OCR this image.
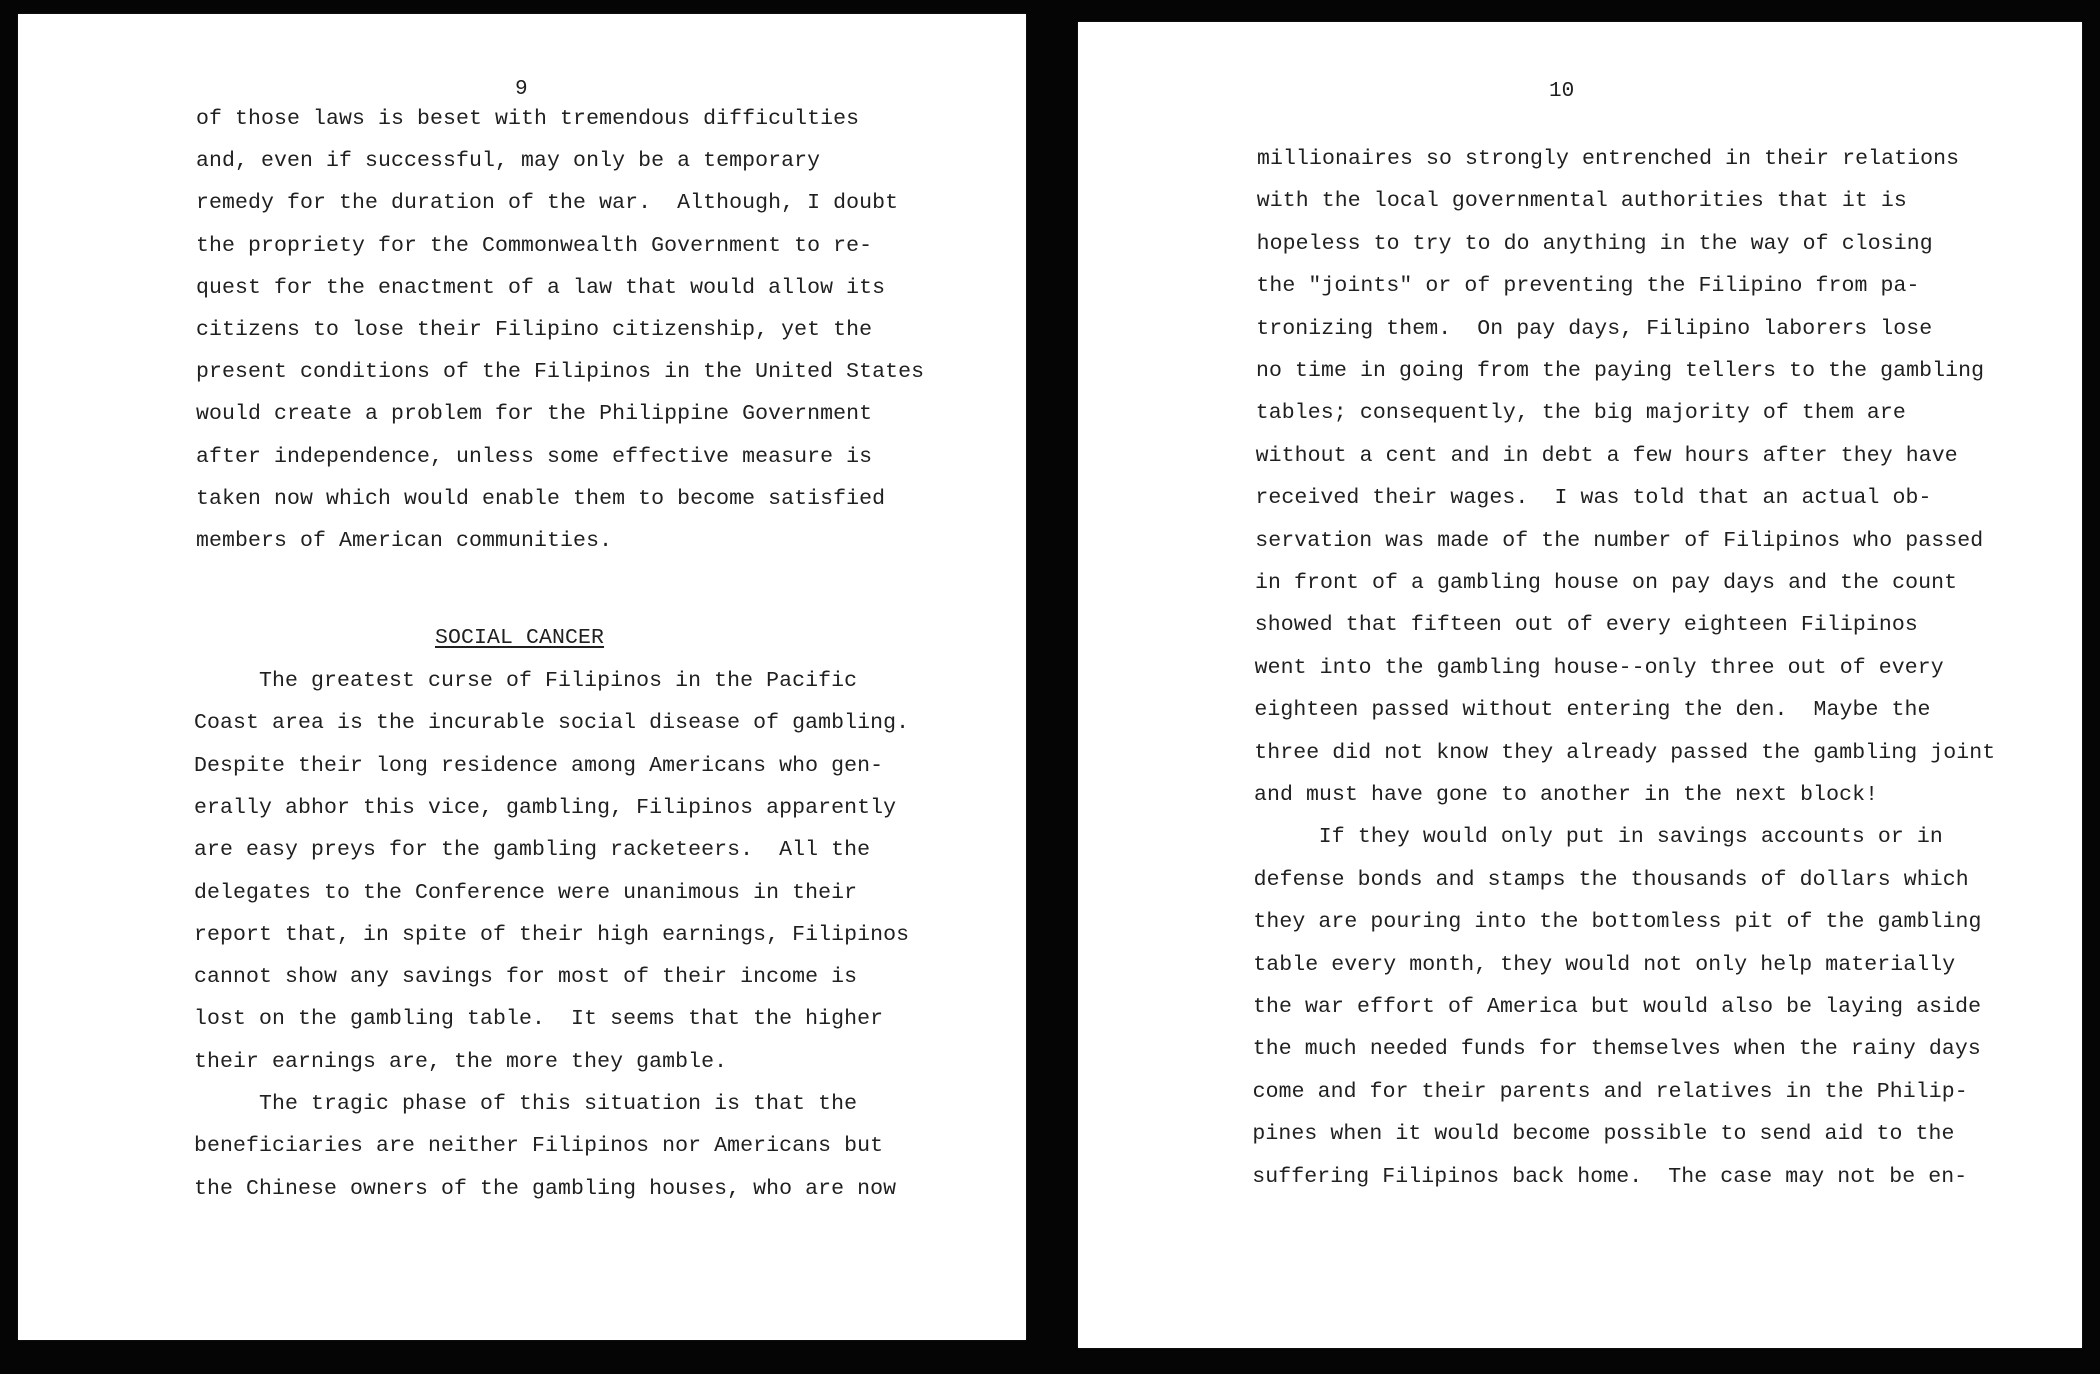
9
of those laws is beset with tremendous difficulties
and, even if successful, may only be a temporary
remedy for the duration of the war.  Although, I doubt
the propriety for the Commonwealth Government to re-
quest for the enactment of a law that would allow its
citizens to lose their Filipino citizenship, yet the
present conditions of the Filipinos in the United States
would create a problem for the Philippine Government
after independence, unless some effective measure is
taken now which would enable them to become satisfied
members of American communities.
SOCIAL CANCER
The greatest curse of Filipinos in the Pacific
Coast area is the incurable social disease of gambling.
Despite their long residence among Americans who gen-
erally abhor this vice, gambling, Filipinos apparently
are easy preys for the gambling racketeers.  All the
delegates to the Conference were unanimous in their
report that, in spite of their high earnings, Filipinos
cannot show any savings for most of their income is
lost on the gambling table.  It seems that the higher
their earnings are, the more they gamble.
The tragic phase of this situation is that the
beneficiaries are neither Filipinos nor Americans but
the Chinese owners of the gambling houses, who are now
10
millionaires so strongly entrenched in their relations
with the local governmental authorities that it is
hopeless to try to do anything in the way of closing
the "joints" or of preventing the Filipino from pa-
tronizing them.  On pay days, Filipino laborers lose
no time in going from the paying tellers to the gambling
tables; consequently, the big majority of them are
without a cent and in debt a few hours after they have
received their wages.  I was told that an actual ob-
servation was made of the number of Filipinos who passed
in front of a gambling house on pay days and the count
showed that fifteen out of every eighteen Filipinos
went into the gambling house--only three out of every
eighteen passed without entering the den.  Maybe the
three did not know they already passed the gambling joint
and must have gone to another in the next block!
If they would only put in savings accounts or in
defense bonds and stamps the thousands of dollars which
they are pouring into the bottomless pit of the gambling
table every month, they would not only help materially
the war effort of America but would also be laying aside
the much needed funds for themselves when the rainy days
come and for their parents and relatives in the Philip-
pines when it would become possible to send aid to the
suffering Filipinos back home.  The case may not be en-
